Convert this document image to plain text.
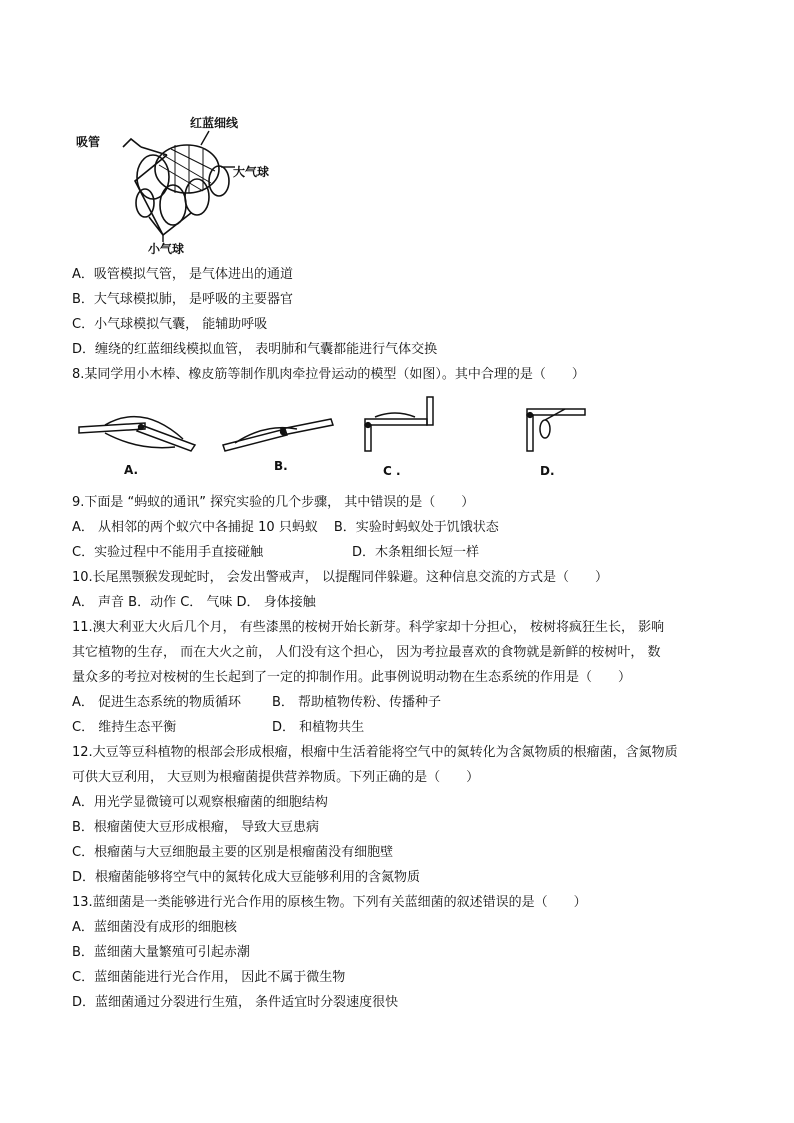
吸管
红蓝细线
大气球
小气球
A．吸管模拟气管， 是气体进出的通道
B．大气球模拟肺， 是呼吸的主要器官
C．小气球模拟气囊， 能辅助呼吸
D．缠绕的红蓝细线模拟血管， 表明肺和气囊都能进行气体交换
8.某同学用小木棒、橡皮筋等制作肌肉牵拉骨运动的模型（如图）。其中合理的是（　　）
A.	B.	C .	D.
9.下面是 “蚂蚁的通讯” 探究实验的几个步骤， 其中错误的是（　　）
A． 从相邻的两个蚁穴中各捕捉 10 只蚂蚁 B．实验时蚂蚁处于饥饿状态
C．实验过程中不能用手直接碰触	D．木条粗细长短一样
10.长尾黑颚猴发现蛇时， 会发出警戒声， 以提醒同伴躲避。这种信息交流的方式是（　　）
A． 声音 B．动作 C． 气味 D． 身体接触
11.澳大利亚大火后几个月， 有些漆黑的桉树开始长新芽。科学家却十分担心， 桉树将疯狂生长， 影响
其它植物的生存， 而在大火之前， 人们没有这个担心， 因为考拉最喜欢的食物就是新鲜的桉树叶， 数
量众多的考拉对桉树的生长起到了一定的抑制作用。此事例说明动物在生态系统的作用是（　　）
A． 促进生态系统的物质循环 B． 帮助植物传粉、传播种子
C． 维持生态平衡	D． 和植物共生
12.大豆等豆科植物的根部会形成根瘤，根瘤中生活着能将空气中的氮转化为含氮物质的根瘤菌，含氮物质
可供大豆利用， 大豆则为根瘤菌提供营养物质。下列正确的是（　　）
A．用光学显微镜可以观察根瘤菌的细胞结构
B．根瘤菌使大豆形成根瘤， 导致大豆患病
C．根瘤菌与大豆细胞最主要的区别是根瘤菌没有细胞壁
D．根瘤菌能够将空气中的氮转化成大豆能够利用的含氮物质
13.蓝细菌是一类能够进行光合作用的原核生物。下列有关蓝细菌的叙述错误的是（　　）
A．蓝细菌没有成形的细胞核
B．蓝细菌大量繁殖可引起赤潮
C．蓝细菌能进行光合作用， 因此不属于微生物
D．蓝细菌通过分裂进行生殖， 条件适宜时分裂速度很快
